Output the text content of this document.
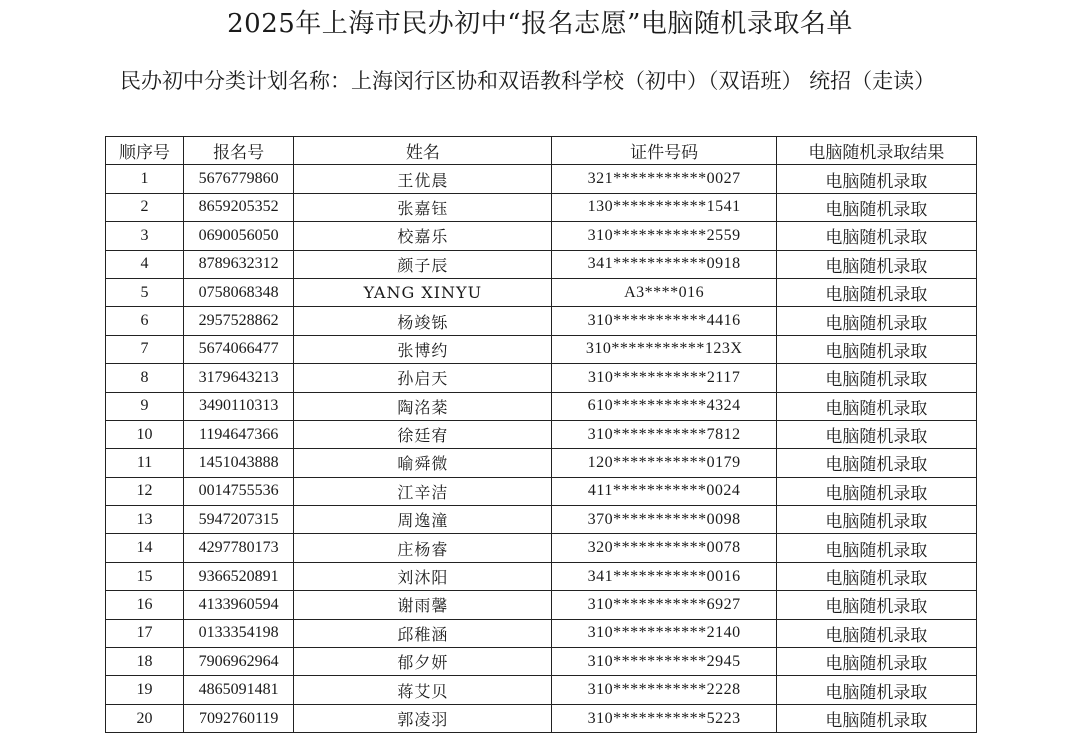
2025年上海市民办初中“报名志愿”电脑随机录取名单
民办初中分类计划名称：上海闵行区协和双语教科学校（初中）（双语班） 统招（走读）
顺序号	报名号	姓名	证件号码	电脑随机录取结果
1	5676779860	王优晨	321***********0027	电脑随机录取
2	8659205352	张嘉钰	130***********1541	电脑随机录取
3	0690056050	校嘉乐	310***********2559	电脑随机录取
4	8789632312	颜子辰	341***********0918	电脑随机录取
5	0758068348	YANG XINYU	A3****016	电脑随机录取
6	2957528862	杨竣铄	310***********4416	电脑随机录取
7	5674066477	张博约	310***********123X	电脑随机录取
8	3179643213	孙启天	310***********2117	电脑随机录取
9	3490110313	陶洺棻	610***********4324	电脑随机录取
10	1194647366	徐廷宥	310***********7812	电脑随机录取
11	1451043888	喻舜微	120***********0179	电脑随机录取
12	0014755536	江辛洁	411***********0024	电脑随机录取
13	5947207315	周逸潼	370***********0098	电脑随机录取
14	4297780173	庄杨睿	320***********0078	电脑随机录取
15	9366520891	刘沐阳	341***********0016	电脑随机录取
16	4133960594	谢雨馨	310***********6927	电脑随机录取
17	0133354198	邱稚涵	310***********2140	电脑随机录取
18	7906962964	郁夕妍	310***********2945	电脑随机录取
19	4865091481	蒋艾贝	310***********2228	电脑随机录取
20	7092760119	郭凌羽	310***********5223	电脑随机录取
